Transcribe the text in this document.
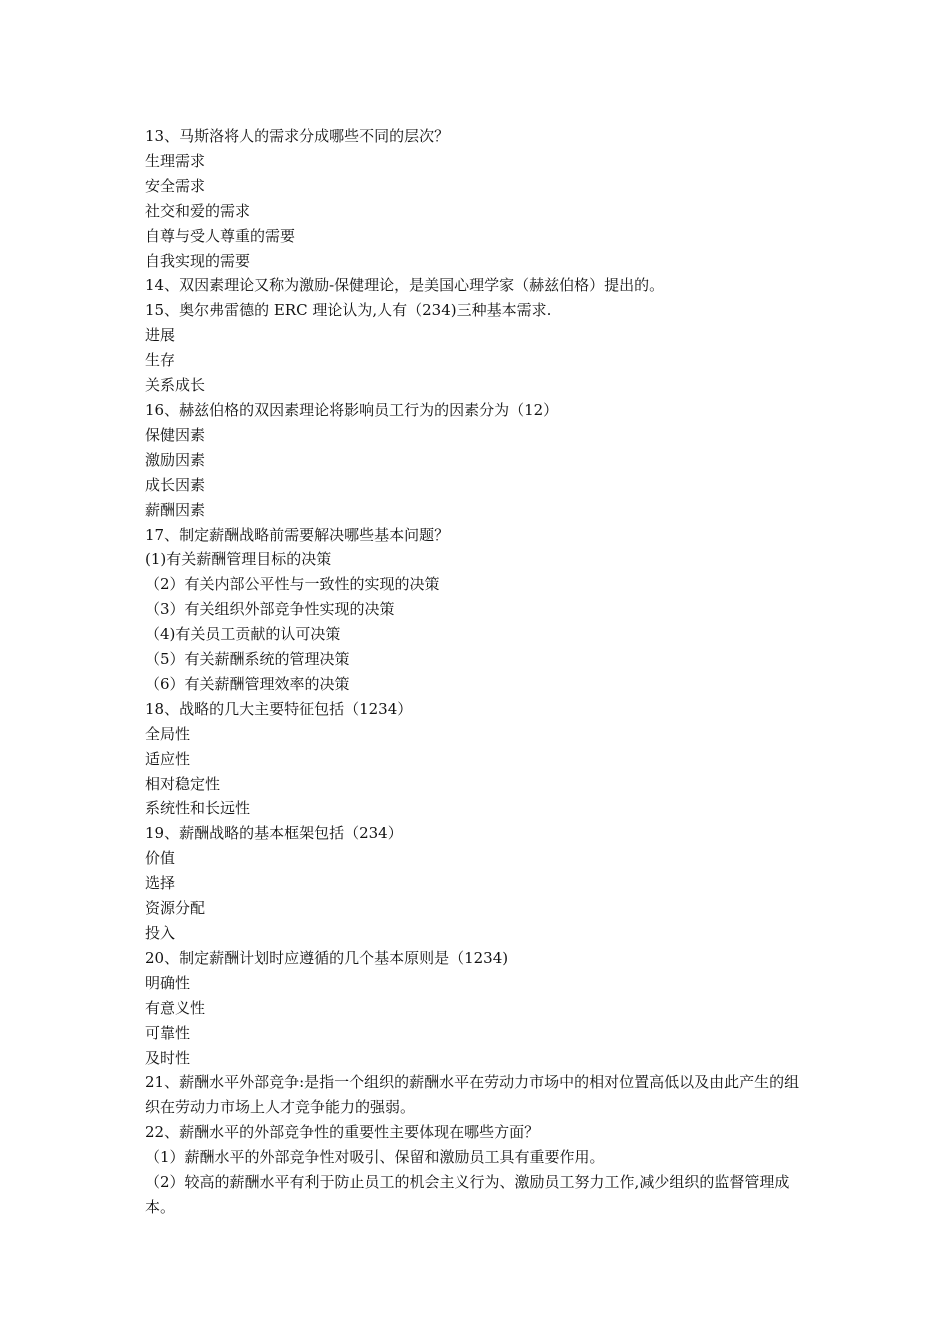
13、马斯洛将人的需求分成哪些不同的层次？
生理需求
安全需求
社交和爱的需求
自尊与受人尊重的需要
自我实现的需要
14、双因素理论又称为激励-保健理论，是美国心理学家（赫兹伯格）提出的。
15、奥尔弗雷德的 ERC 理论认为,人有（234)三种基本需求.
进展
生存
关系成长
16、赫兹伯格的双因素理论将影响员工行为的因素分为（12）
保健因素
激励因素
成长因素
薪酬因素
17、制定薪酬战略前需要解决哪些基本问题？
(1)有关薪酬管理目标的决策
（2）有关内部公平性与一致性的实现的决策
（3）有关组织外部竞争性实现的决策
（4)有关员工贡献的认可决策
（5）有关薪酬系统的管理决策
（6）有关薪酬管理效率的决策
18、战略的几大主要特征包括（1234）
全局性
适应性
相对稳定性
系统性和长远性
19、薪酬战略的基本框架包括（234）
价值
选择
资源分配
投入
20、制定薪酬计划时应遵循的几个基本原则是（1234)
明确性
有意义性
可靠性
及时性
21、薪酬水平外部竞争:是指一个组织的薪酬水平在劳动力市场中的相对位置高低以及由此产生的组织在劳动力市场上人才竞争能力的强弱。
22、薪酬水平的外部竞争性的重要性主要体现在哪些方面？
（1）薪酬水平的外部竞争性对吸引、保留和激励员工具有重要作用。
（2）较高的薪酬水平有利于防止员工的机会主义行为、激励员工努力工作,减少组织的监督管理成本。
